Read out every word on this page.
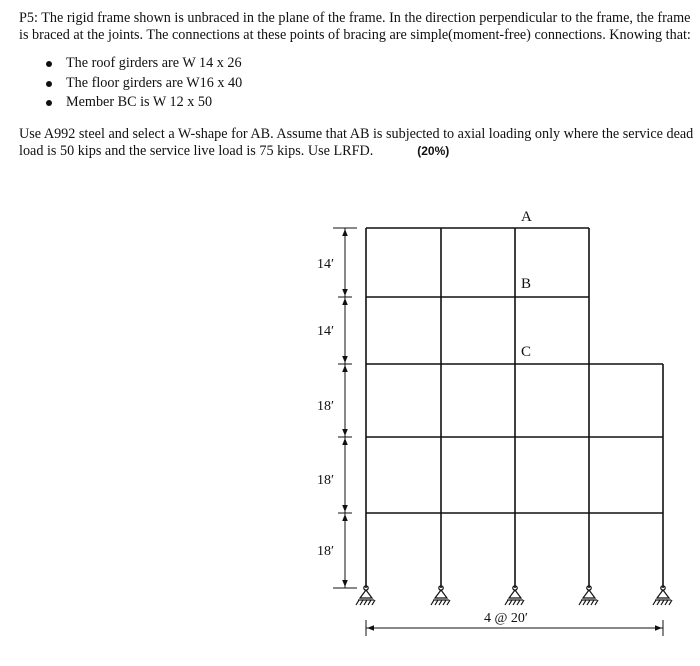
P5: The rigid frame shown is unbraced in the plane of the frame. In the direction perpendicular to the frame, the frame is braced at the joints. The connections at these points of bracing are simple(moment-free) connections. Knowing that:

The roof girders are W 14 x 26
The floor girders are W16 x 40
Member BC is W 12 x 50

Use A992 steel and select a W-shape for AB. Assume that AB is subjected to axial loading only where the service dead load is 50 kips and the service live load is 75 kips. Use LRFD.	(20%)

14′
14′
18′
18′
18′
A
B
C
4 @ 20′
